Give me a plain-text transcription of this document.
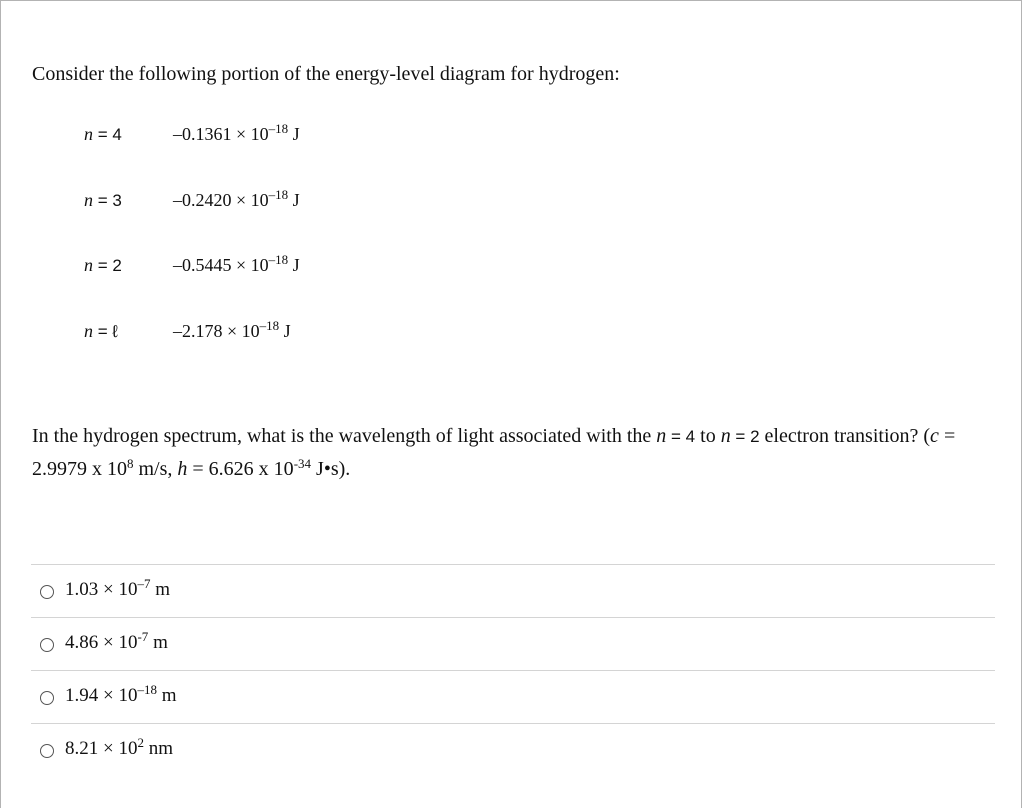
Consider the following portion of the energy-level diagram for hydrogen:
n = 4	$-0.1361 \times 10^{-18}$ J
n = 3	$-0.2420 \times 10^{-18}$ J
n = 2	$-0.5445 \times 10^{-18}$ J
n = ℓ	$-2.178 \times 10^{-18}$ J
In the hydrogen spectrum, what is the wavelength of light associated with the n = 4 to n = 2 electron transition? (c = 2.9979 x $10^8$ m/s, h = 6.626 x $10^{-34}$ J•s).
$1.03 \times 10^{-7}$ m
$4.86 \times 10^{-7}$ m
$1.94 \times 10^{-18}$ m
$8.21 \times 10^2$ nm
